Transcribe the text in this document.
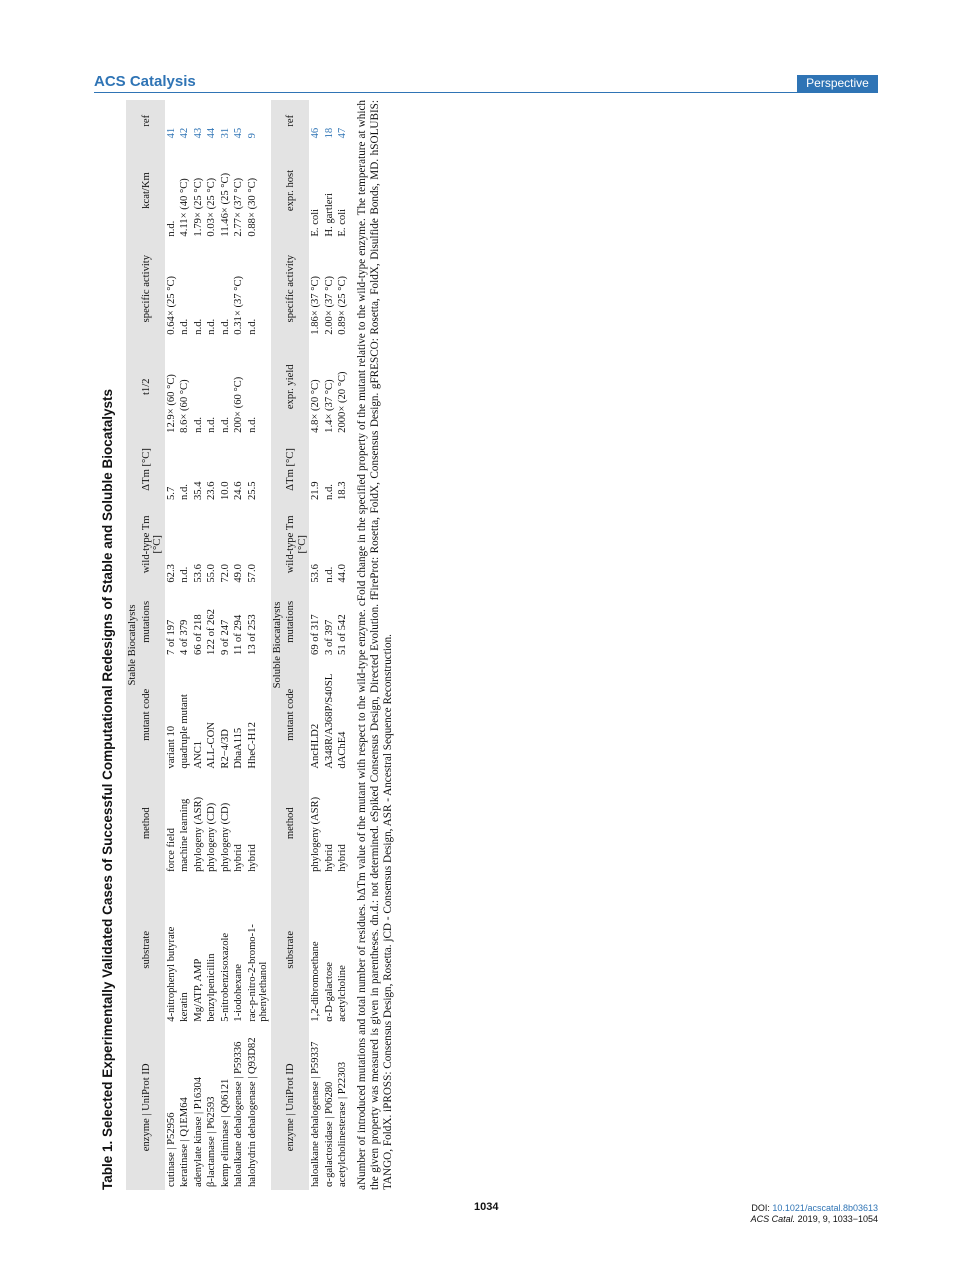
ACS Catalysis	Perspective
Table 1. Selected Experimentally Validated Cases of Successful Computational Redesigns of Stable and Soluble Biocatalysts Stable Biocatalysts										
enzyme | UniProt ID	substrate	method	mutant code	mutations	wild-type Tm [°C]	ΔTm [°C]	t1/2	specific activity	kcat/Km	ref
cutinase | P52956	4-nitrophenyl butyrate	force field	variant 10	7 of 197	62.3	5.7	12.9× (60 °C)	0.64× (25 °C)	n.d.	41
keratinase | Q1EM64	keratin	machine learning	quadruple mutant	4 of 379	n.d.	n.d.	8.6× (60 °C)	n.d.	4.11× (40 °C)	42
adenylate kinase | P16304	Mg/ATP, AMP	phylogeny (ASR)	ANC1	66 of 218	53.6	35.4	n.d.	n.d.	1.79× (25 °C)	43
β-lactamase | P62593	benzylpenicillin	phylogeny (CD)	ALL-CON	122 of 262	55.0	23.6	n.d.	n.d.	0.03× (25 °C)	44
kemp eliminase | Q06121	5-nitrobenzisoxazole	phylogeny (CD)	R2−4/3D	9 of 247	72.0	10.0	n.d.	n.d.	11.46× (25 °C)	31
haloalkane dehalogenase | P59336	1-iodohexane	hybrid	DhaA115	11 of 294	49.0	24.6	200× (60 °C)	0.31× (37 °C)	2.77× (37 °C)	45
halohydrin dehalogenase | Q93D82	rac-p-nitro-2-bromo-1-phenylethanol	hybrid	HheC-H12	13 of 253	57.0	25.5	n.d.	n.d.	0.88× (30 °C)	9
Soluble Biocatalysts										
enzyme | UniProt ID	substrate	method	mutant code	mutations	wild-type Tm [°C]	ΔTm [°C]	expr. yield	specific activity	expr. host	ref
haloalkane dehalogenase | P59337	1,2-dibromoethane	phylogeny (ASR)	AncHLD2	69 of 317	53.6	21.9	4.8× (20 °C)	1.86× (37 °C)	E. coli	46
α-galactosidase | P06280	α-D-galactose	hybrid	A348R/A368P/S40SL	3 of 397	n.d.	n.d.	1.4× (37 °C)	2.00× (37 °C)	H. gartleri	18
acetylcholinesterase | P22303	acetylcholine	hybrid	dAChE4	51 of 542	44.0	18.3	2000× (20 °C)	0.89× (25 °C)	E. coli	47 aNumber of introduced mutations and total number of residues. bΔTm value of the mutant with respect to the wild-type enzyme. cFold change in the specified property of the mutant relative to the wild-type enzyme. The temperature at which the given property was measured is given in parentheses. dn.d.: not determined. eSpiked Consensus Design, Directed Evolution. fFireProt: Rosetta, FoldX, Consensus Design. gFRESCO: Rosetta, FoldX, Disulfide Bonds, MD. hSOLUBIS: TANGO, FoldX. iPROSS: Consensus Design, Rosetta. jCD - Consensus Design, ASR - Ancestral Sequence Reconstruction.
1034	DOI: 10.1021/acscatal.8b03613
ACS Catal. 2019, 9, 1033−1054
